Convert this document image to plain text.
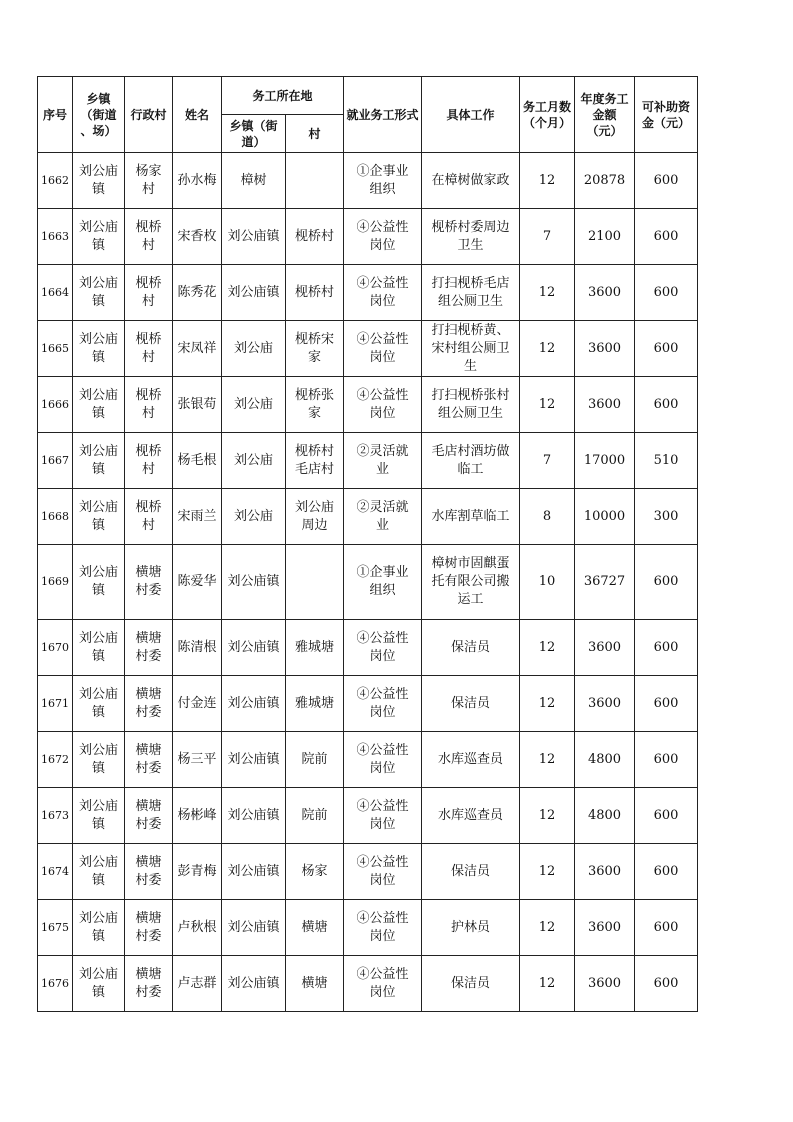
序号	乡镇
（街道
、场）	行政村	姓名	务工所在地		就业务工形式	具体工作	务工月数
（个月）	年度务工
金额
（元）	可补助资
金（元）
				乡镇（街
道）	村					
1662	刘公庙
镇	杨家
村	孙水梅	樟树		①企事业
组织	在樟树做家政	12	20878	600
1663	刘公庙
镇	枧桥
村	宋香枚	刘公庙镇	枧桥村	④公益性
岗位	枧桥村委周边
卫生	7	2100	600
1664	刘公庙
镇	枧桥
村	陈秀花	刘公庙镇	枧桥村	④公益性
岗位	打扫枧桥毛店
组公厕卫生	12	3600	600
1665	刘公庙
镇	枧桥
村	宋凤祥	刘公庙	枧桥宋
家	④公益性
岗位	打扫枧桥黄、
宋村组公厕卫
生	12	3600	600
1666	刘公庙
镇	枧桥
村	张银苟	刘公庙	枧桥张
家	④公益性
岗位	打扫枧桥张村
组公厕卫生	12	3600	600
1667	刘公庙
镇	枧桥
村	杨毛根	刘公庙	枧桥村
毛店村	②灵活就
业	毛店村酒坊做
临工	7	17000	510
1668	刘公庙
镇	枧桥
村	宋雨兰	刘公庙	刘公庙
周边	②灵活就
业	水库割草临工	8	10000	300
1669	刘公庙
镇	横塘
村委	陈爱华	刘公庙镇		①企事业
组织	樟树市固麒蛋
托有限公司搬
运工	10	36727	600
1670	刘公庙
镇	横塘
村委	陈清根	刘公庙镇	雅城塘	④公益性
岗位	保洁员	12	3600	600
1671	刘公庙
镇	横塘
村委	付金连	刘公庙镇	雅城塘	④公益性
岗位	保洁员	12	3600	600
1672	刘公庙
镇	横塘
村委	杨三平	刘公庙镇	院前	④公益性
岗位	水库巡查员	12	4800	600
1673	刘公庙
镇	横塘
村委	杨彬峰	刘公庙镇	院前	④公益性
岗位	水库巡查员	12	4800	600
1674	刘公庙
镇	横塘
村委	彭青梅	刘公庙镇	杨家	④公益性
岗位	保洁员	12	3600	600
1675	刘公庙
镇	横塘
村委	卢秋根	刘公庙镇	横塘	④公益性
岗位	护林员	12	3600	600
1676	刘公庙
镇	横塘
村委	卢志群	刘公庙镇	横塘	④公益性
岗位	保洁员	12	3600	600
